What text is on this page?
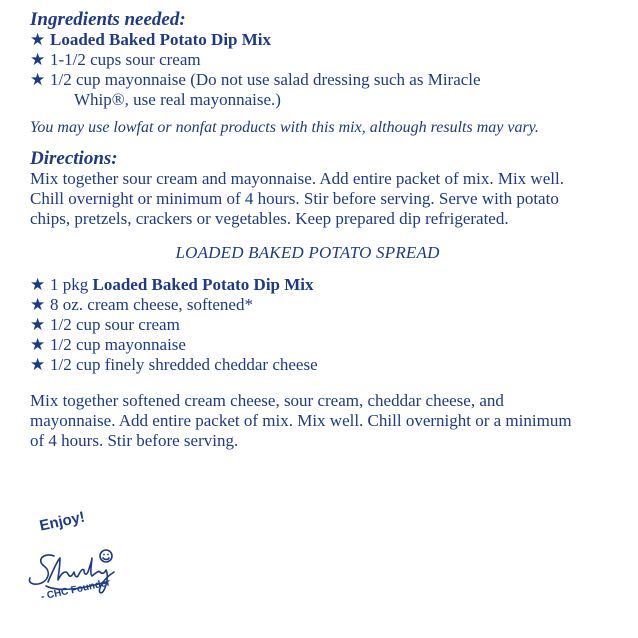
Ingredients needed:
★ Loaded Baked Potato Dip Mix
★ 1-1/2 cups sour cream
★ 1/2 cup mayonnaise (Do not use salad dressing such as Miracle
Whip®, use real mayonnaise.)

You may use lowfat or nonfat products with this mix, although results may vary.

Directions:

Mix together sour cream and mayonnaise. Add entire packet of mix. Mix well. Chill overnight or minimum of 4 hours. Stir before serving. Serve with potato chips, pretzels, crackers or vegetables. Keep prepared dip refrigerated.

LOADED BAKED POTATO SPREAD

★ 1 pkg Loaded Baked Potato Dip Mix
★ 8 oz. cream cheese, softened*
★ 1/2 cup sour cream
★ 1/2 cup mayonnaise
★ 1/2 cup finely shredded cheddar cheese

Mix together softened cream cheese, sour cream, cheddar cheese, and mayonnaise. Add entire packet of mix. Mix well. Chill overnight or a minimum of 4 hours. Stir before serving.

Enjoy!
- CHC Founder
